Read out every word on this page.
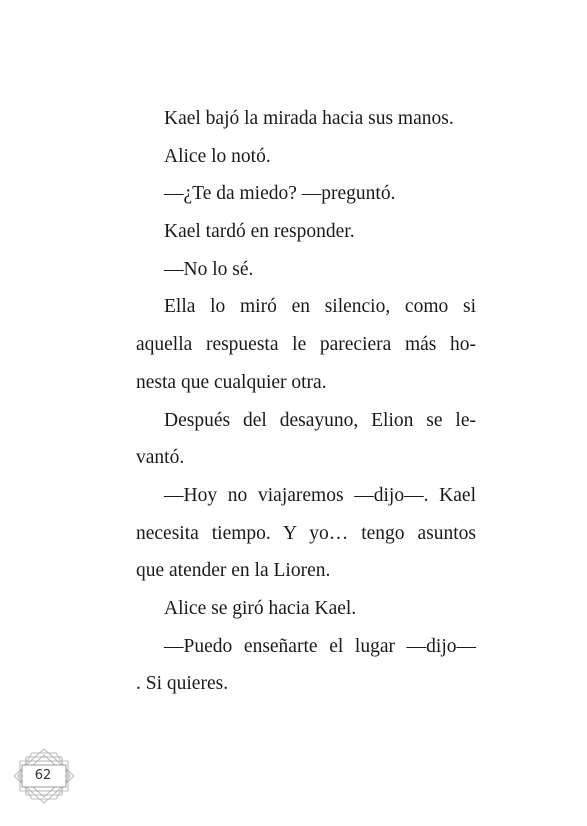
Kael bajó la mirada hacia sus manos.
Alice lo notó.
—¿Te da miedo? —preguntó.
Kael tardó en responder.
—No lo sé.
Ella lo miró en silencio, como si
aquella respuesta le pareciera más ho-
nesta que cualquier otra.
Después del desayuno, Elion se le-
vantó.
—Hoy no viajaremos —dijo—. Kael
necesita tiempo. Y yo… tengo asuntos
que atender en la Lioren.
Alice se giró hacia Kael.
—Puedo enseñarte el lugar —dijo—
. Si quieres.
62
